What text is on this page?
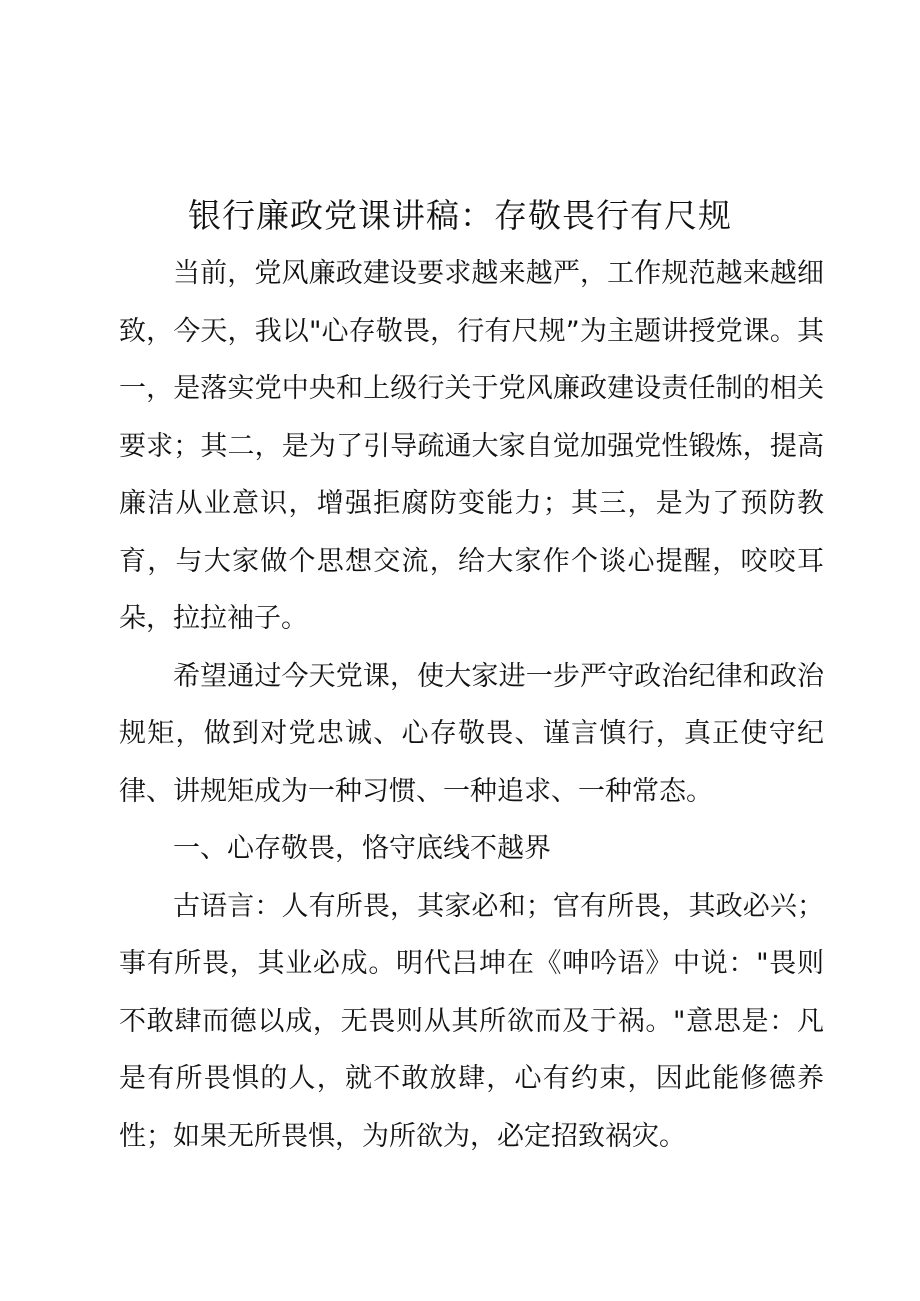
银行廉政党课讲稿：存敬畏行有尺规

当前，党风廉政建设要求越来越严，工作规范越来越细致，今天，我以"心存敬畏，行有尺规”为主题讲授党课。其一，是落实党中央和上级行关于党风廉政建设责任制的相关要求；其二，是为了引导疏通大家自觉加强党性锻炼，提高廉洁从业意识，增强拒腐防变能力；其三，是为了预防教育，与大家做个思想交流，给大家作个谈心提醒，咬咬耳朵，拉拉袖子。

希望通过今天党课，使大家进一步严守政治纪律和政治规矩，做到对党忠诚、心存敬畏、谨言慎行，真正使守纪律、讲规矩成为一种习惯、一种追求、一种常态。

一、心存敬畏，恪守底线不越界

古语言：人有所畏，其家必和；官有所畏，其政必兴；事有所畏，其业必成。明代吕坤在《呻吟语》中说："畏则不敢肆而德以成，无畏则从其所欲而及于祸。"意思是：凡是有所畏惧的人，就不敢放肆，心有约束，因此能修德养性；如果无所畏惧，为所欲为，必定招致祸灾。
